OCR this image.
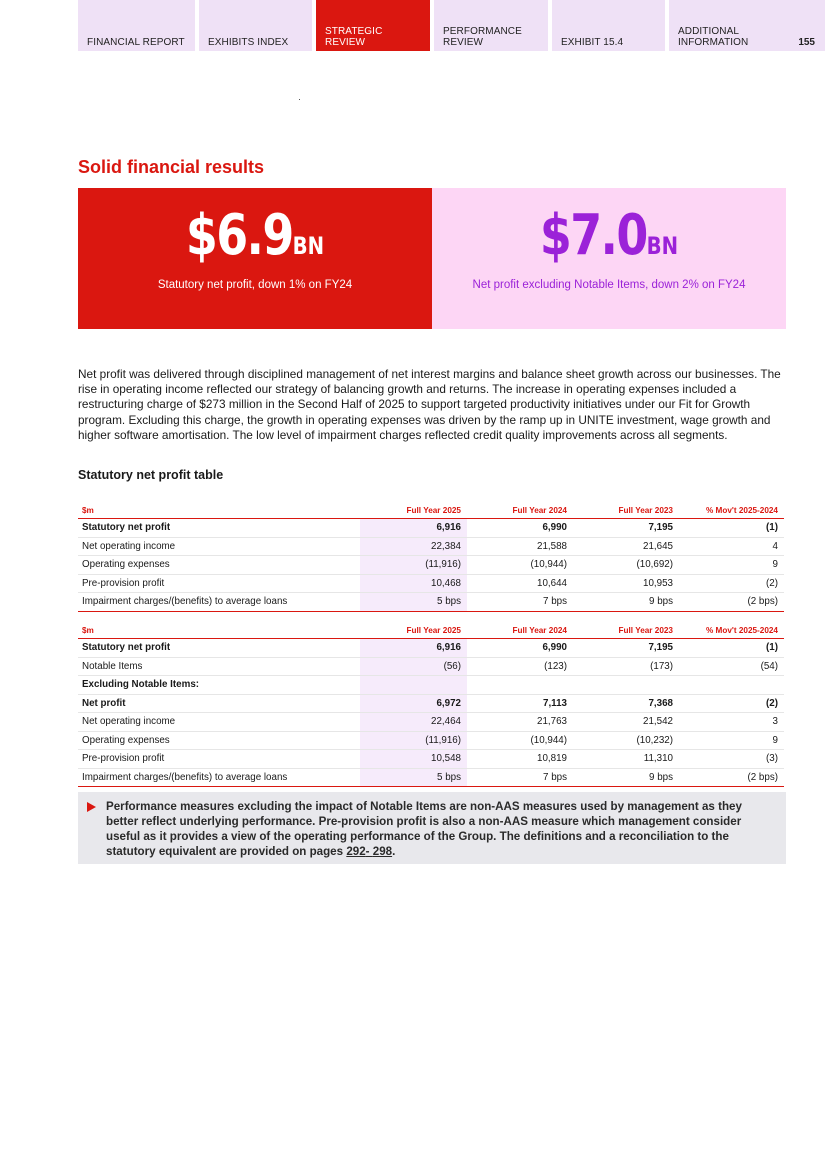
FINANCIAL REPORT EXHIBITS INDEX
STRATEGIC REVIEW
PERFORMANCE REVIEW	EXHIBIT 15.4
ADDITIONAL INFORMATION	155
Solid financial results
$6.9BN
Statutory net profit, down 1% on FY24
$7.0BN
Net profit excluding Notable Items, down 2% on FY24

Net profit was delivered through disciplined management of net interest margins and balance sheet growth across our businesses. The rise in operating income reflected our strategy of balancing growth and returns. The increase in operating expenses included a restructuring charge of $273 million in the Second Half of 2025 to support targeted productivity initiatives under our Fit for Growth program. Excluding this charge, the growth in operating expenses was driven by the ramp up in UNITE investment, wage growth and higher software amortisation. The low level of impairment charges reflected credit quality improvements across all segments.

Statutory net profit table
$m	Full Year 2025	Full Year 2024	Full Year 2023	% Mov't 2025-2024
Statutory net profit	6,916	6,990	7,195	(1)
Net operating income	22,384	21,588	21,645	4
Operating expenses	(11,916)	(10,944)	(10,692)	9
Pre-provision profit	10,468	10,644	10,953	(2)
Impairment charges/(benefits) to average loans	5 bps	7 bps	9 bps	(2 bps)
$m	Full Year 2025	Full Year 2024	Full Year 2023	% Mov't 2025-2024
Statutory net profit	6,916	6,990	7,195	(1)
Notable Items	(56)	(123)	(173)	(54)
Excluding Notable Items:				
Net profit	6,972	7,113	7,368	(2)
Net operating income	22,464	21,763	21,542	3
Operating expenses	(11,916)	(10,944)	(10,232)	9
Pre-provision profit	10,548	10,819	11,310	(3)
Impairment charges/(benefits) to average loans	5 bps	7 bps	9 bps	(2 bps)
Performance measures excluding the impact of Notable Items are non-AAS measures used by management as they better reflect underlying performance. Pre-provision profit is also a non-AAS measure which management consider useful as it provides a view of the operating performance of the Group. The definitions and a reconciliation to the statutory equivalent are provided on pages 292- 298.
